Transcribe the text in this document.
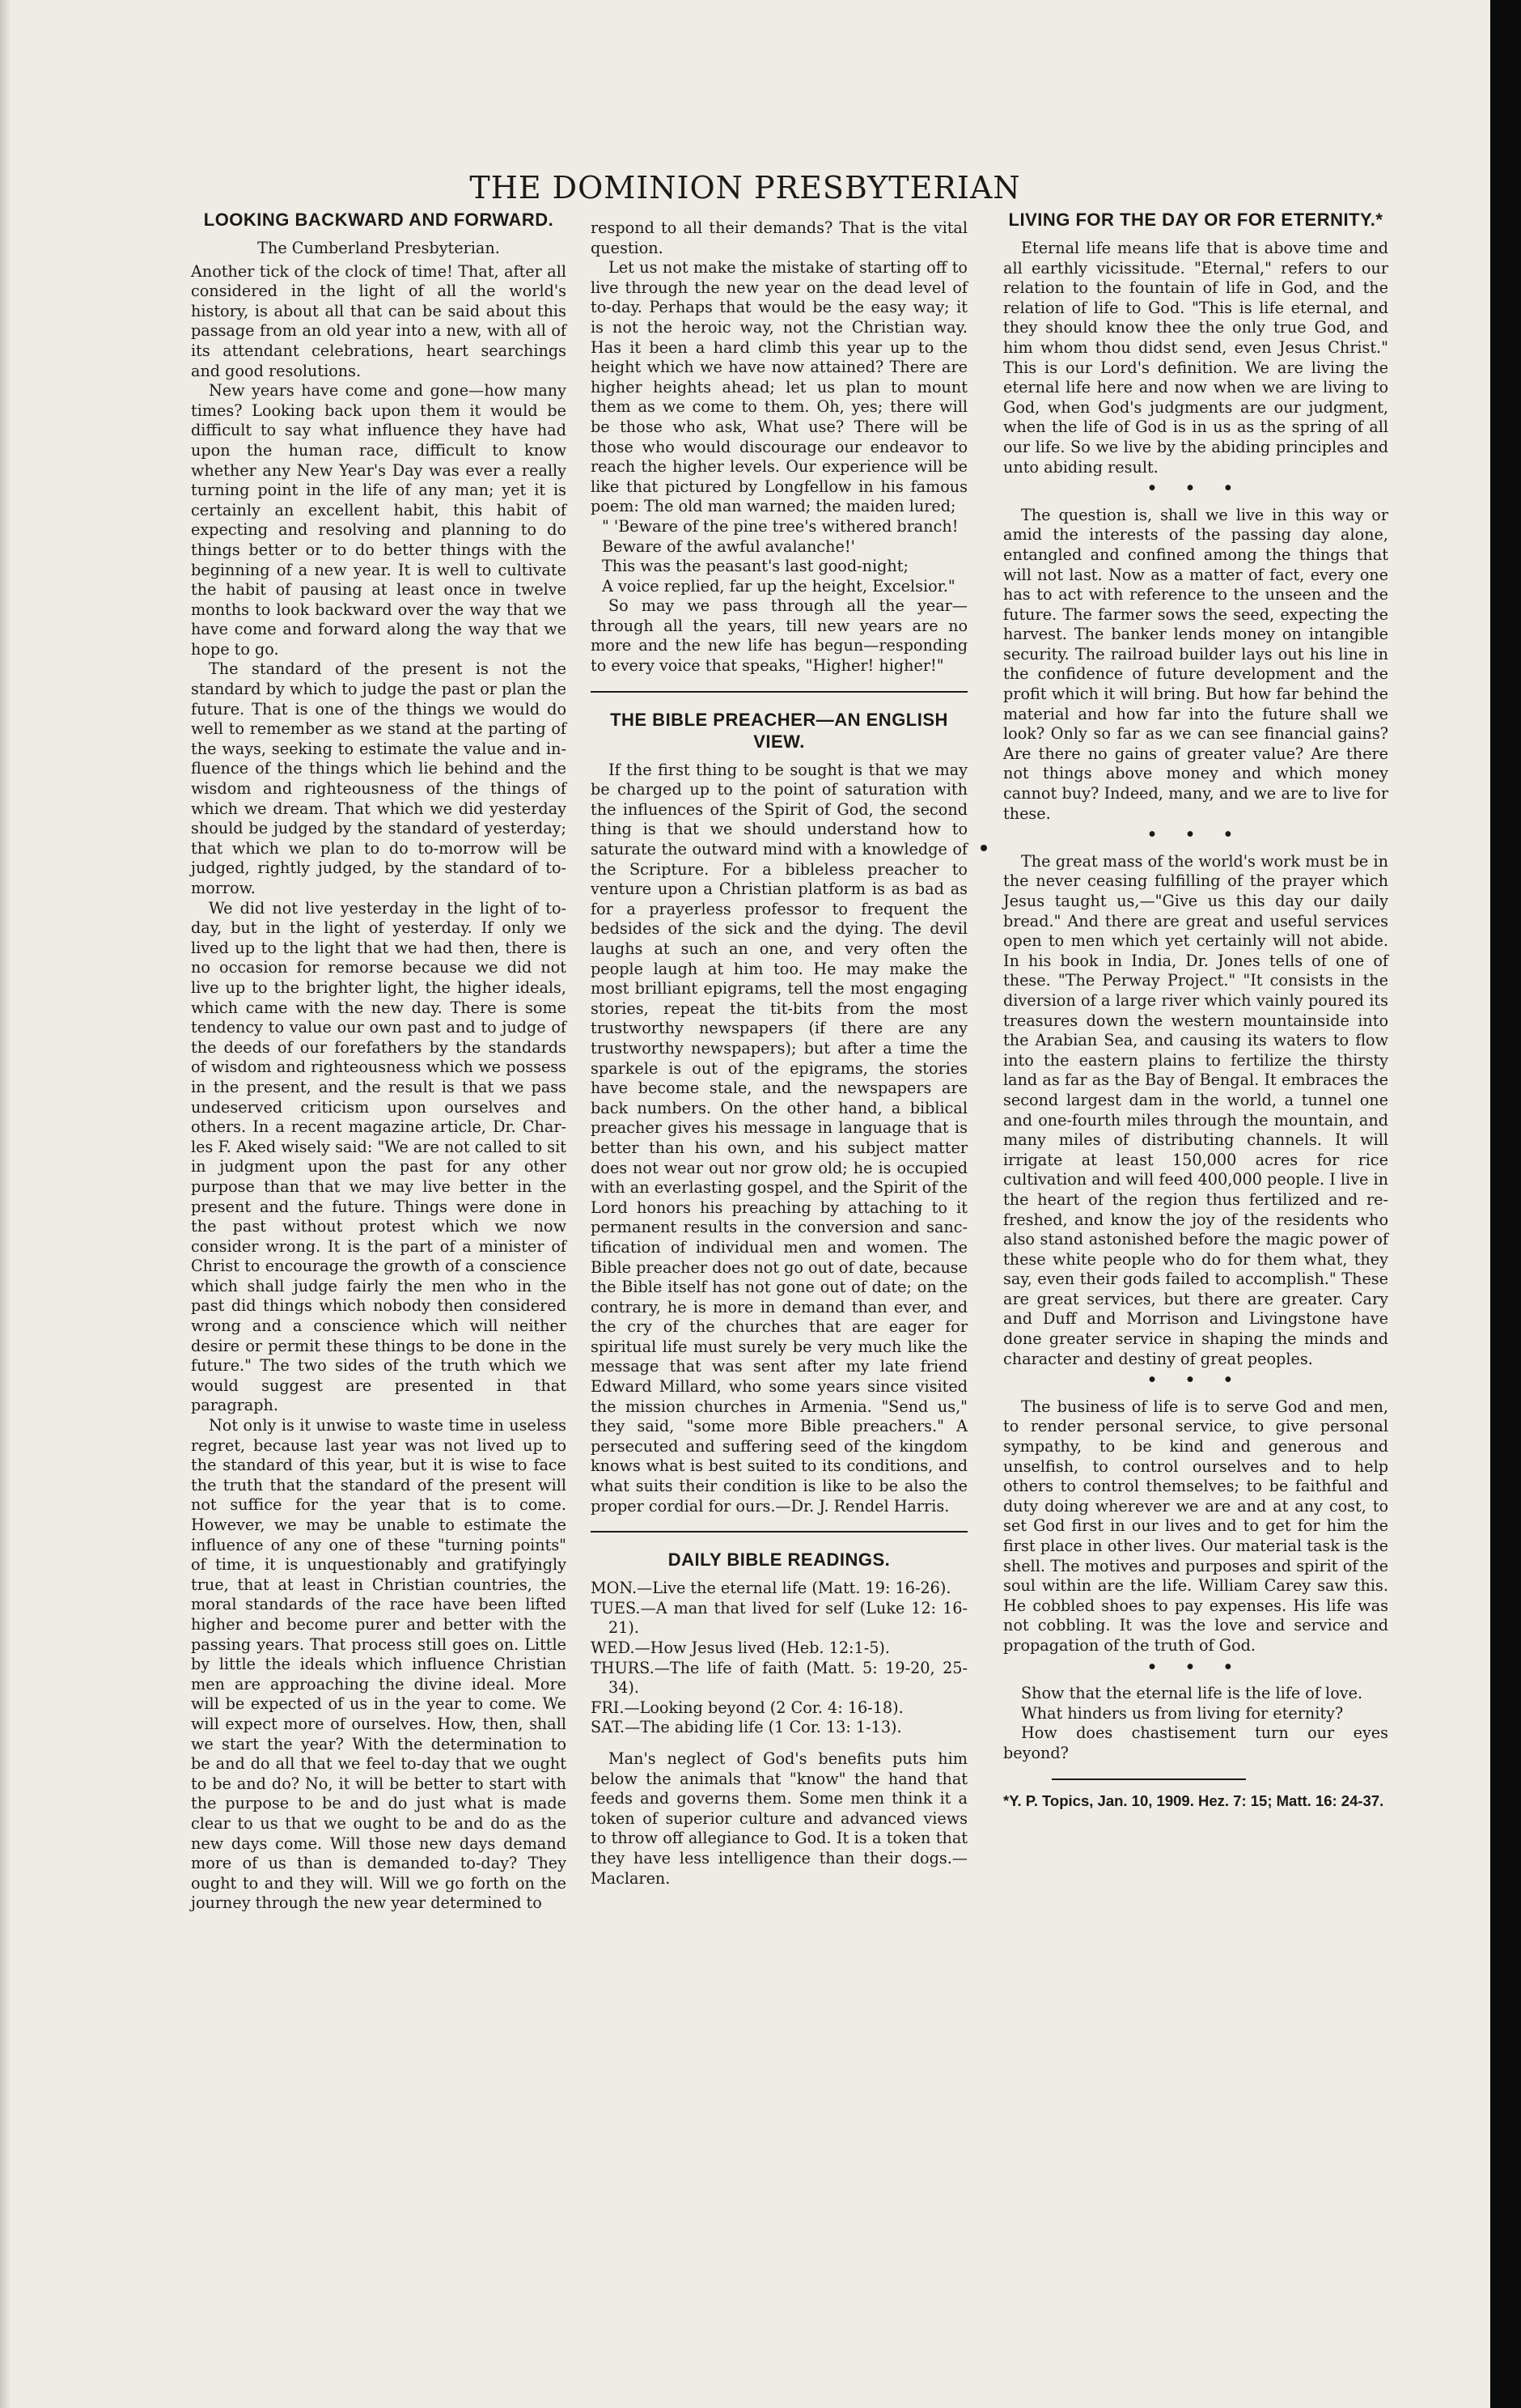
THE DOMINION PRESBYTERIAN
LOOKING BACKWARD AND FORWARD.

The Cumberland Presbyterian.

Another tick of the clock of time! That, after all considered in the light of all the world's history, is about all that can be said about this passage from an old year into a new, with all of its attendant celebrations, heart searchings and good resolutions.

New years have come and gone—how many times? Looking back upon them it would be difficult to say what influence they have had upon the human race, difficult to know whether any New Year's Day was ever a really turning point in the life of any man; yet it is certainly an excellent habit, this habit of expecting and resolving and planning to do things better or to do better things with the beginning of a new year. It is well to cultivate the habit of pausing at least once in twelve months to look backward over the way that we have come and forward along the way that we hope to go.

The standard of the present is not the standard by which to judge the past or plan the future. That is one of the things we would do well to remember as we stand at the parting of the ways, seeking to estimate the value and influence of the things which lie behind and the wisdom and righteousness of the things of which we dream. That which we did yesterday should be judged by the standard of yesterday; that which we plan to do to-morrow will be judged, rightly judged, by the standard of to-morrow.

We did not live yesterday in the light of to-day, but in the light of yesterday. If only we lived up to the light that we had then, there is no occasion for remorse because we did not live up to the brighter light, the higher ideals, which came with the new day. There is some tendency to value our own past and to judge of the deeds of our forefathers by the standards of wisdom and righteousness which we possess in the present, and the result is that we pass undeserved criticism upon ourselves and others. In a recent magazine article, Dr. Charles F. Aked wisely said: "We are not called to sit in judgment upon the past for any other purpose than that we may live better in the present and the future. Things were done in the past without protest which we now consider wrong. It is the part of a minister of Christ to encourage the growth of a conscience which shall judge fairly the men who in the past did things which nobody then considered wrong and a conscience which will neither desire or permit these things to be done in the future." The two sides of the truth which we would suggest are presented in that paragraph.

Not only is it unwise to waste time in useless regret, because last year was not lived up to the standard of this year, but it is wise to face the truth that the standard of the present will not suffice for the year that is to come. However, we may be unable to estimate the influence of any one of these "turning points" of time, it is unquestionably and gratifyingly true, that at least in Christian countries, the moral standards of the race have been lifted higher and become purer and better with the passing years. That process still goes on. Little by little the ideals which influence Christian men are approaching the divine ideal. More will be expected of us in the year to come. We will expect more of ourselves. How, then, shall we start the year? With the determination to be and do all that we feel to-day that we ought to be and do? No, it will be better to start with the purpose to be and do just what is made clear to us that we ought to be and do as the new days come. Will those new days demand more of us than is demanded to-day? They ought to and they will. Will we go forth on the journey through the new year determined to

respond to all their demands? That is the vital question.

Let us not make the mistake of starting off to live through the new year on the dead level of to-day. Perhaps that would be the easy way; it is not the heroic way, not the Christian way. Has it been a hard climb this year up to the height which we have now attained? There are higher heights ahead; let us plan to mount them as we come to them. Oh, yes; there will be those who ask, What use? There will be those who would discourage our endeavor to reach the higher levels. Our experience will be like that pictured by Longfellow in his famous poem: The old man warned; the maiden lured;

" 'Beware of the pine tree's withered branch!

Beware of the awful avalanche!'

This was the peasant's last good-night;

A voice replied, far up the height, Excelsior."

So may we pass through all the year—through all the years, till new years are no more and the new life has begun—responding to every voice that speaks, "Higher! higher!"

THE BIBLE PREACHER—AN ENGLISH VIEW.

If the first thing to be sought is that we may be charged up to the point of saturation with the influences of the Spirit of God, the second thing is that we should understand how to saturate the outward mind with a knowledge of the Scripture. For a bibleless preacher to venture upon a Christian platform is as bad as for a prayerless professor to frequent the bedsides of the sick and the dying. The devil laughs at such an one, and very often the people laugh at him too. He may make the most brilliant epigrams, tell the most engaging stories, repeat the tit-bits from the most trustworthy newspapers (if there are any trustworthy newspapers); but after a time the sparkele is out of the epigrams, the stories have become stale, and the newspapers are back numbers. On the other hand, a biblical preacher gives his message in language that is better than his own, and his subject matter does not wear out nor grow old; he is occupied with an everlasting gospel, and the Spirit of the Lord honors his preaching by attaching to it permanent results in the conversion and sanctification of individual men and women. The Bible preacher does not go out of date, because the Bible itself has not gone out of date; on the contrary, he is more in demand than ever, and the cry of the churches that are eager for spiritual life must surely be very much like the message that was sent after my late friend Edward Millard, who some years since visited the mission churches in Armenia. "Send us," they said, "some more Bible preachers." A persecuted and suffering seed of the kingdom knows what is best suited to its conditions, and what suits their condition is like to be also the proper cordial for ours.—Dr. J. Rendel Harris.

DAILY BIBLE READINGS.

MON.—Live the eternal life (Matt. 19: 16-26).

TUES.—A man that lived for self (Luke 12: 16-21).

WED.—How Jesus lived (Heb. 12:1-5).

THURS.—The life of faith (Matt. 5: 19-20, 25-34).

FRI.—Looking beyond (2 Cor. 4: 16-18).

SAT.—The abiding life (1 Cor. 13: 1-13).

Man's neglect of God's benefits puts him below the animals that "know" the hand that feeds and governs them. Some men think it a token of superior culture and advanced views to throw off allegiance to God. It is a token that they have less intelligence than their dogs.—Maclaren.

LIVING FOR THE DAY OR FOR ETERNITY.*

Eternal life means life that is above time and all earthly vicissitude. "Eternal," refers to our relation to the fountain of life in God, and the relation of life to God. "This is life eternal, and they should know thee the only true God, and him whom thou didst send, even Jesus Christ." This is our Lord's definition. We are living the eternal life here and now when we are living to God, when God's judgments are our judgment, when the life of God is in us as the spring of all our life. So we live by the abiding principles and unto abiding result.

• • •

The question is, shall we live in this way or amid the interests of the passing day alone, entangled and confined among the things that will not last. Now as a matter of fact, every one has to act with reference to the unseen and the future. The farmer sows the seed, expecting the harvest. The banker lends money on intangible security. The railroad builder lays out his line in the confidence of future development and the profit which it will bring. But how far behind the material and how far into the future shall we look? Only so far as we can see financial gains? Are there no gains of greater value? Are there not things above money and which money cannot buy? Indeed, many, and we are to live for these.

• • •

The great mass of the world's work must be in the never ceasing fulfilling of the prayer which Jesus taught us,—"Give us this day our daily bread." And there are great and useful services open to men which yet certainly will not abide. In his book in India, Dr. Jones tells of one of these. "The Perway Project." "It consists in the diversion of a large river which vainly poured its treasures down the western mountainside into the Arabian Sea, and causing its waters to flow into the eastern plains to fertilize the thirsty land as far as the Bay of Bengal. It embraces the second largest dam in the world, a tunnel one and one-fourth miles through the mountain, and many miles of distributing channels. It will irrigate at least 150,000 acres for rice cultivation and will feed 400,000 people. I live in the heart of the region thus fertilized and refreshed, and know the joy of the residents who also stand astonished before the magic power of these white people who do for them what, they say, even their gods failed to accomplish." These are great services, but there are greater. Cary and Duff and Morrison and Livingstone have done greater service in shaping the minds and character and destiny of great peoples.

• • •

The business of life is to serve God and men, to render personal service, to give personal sympathy, to be kind and generous and unselfish, to control ourselves and to help others to control themselves; to be faithful and duty doing wherever we are and at any cost, to set God first in our lives and to get for him the first place in other lives. Our material task is the shell. The motives and purposes and spirit of the soul within are the life. William Carey saw this. He cobbled shoes to pay expenses. His life was not cobbling. It was the love and service and propagation of the truth of God.

• • •

Show that the eternal life is the life of love.

What hinders us from living for eternity?

How does chastisement turn our eyes beyond?

*Y. P. Topics, Jan. 10, 1909. Hez. 7: 15; Matt. 16: 24-37.
